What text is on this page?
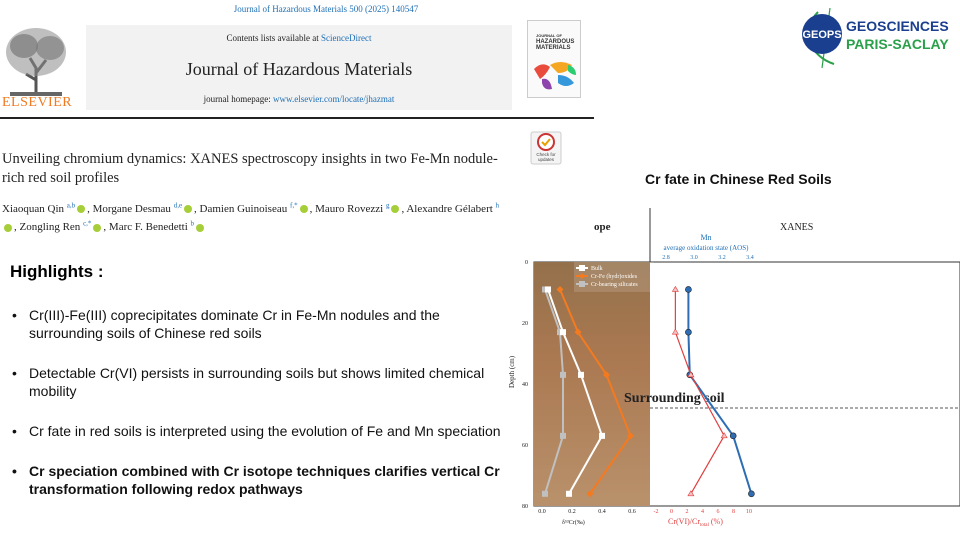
Journal of Hazardous Materials 500 (2025) 140547
ELSEVIER
Contents lists available at ScienceDirect
Journal of Hazardous Materials
journal homepage: www.elsevier.com/locate/jhazmat
JOURNAL OF
HAZARDOUS
MATERIALS
Check for
updates
Unveiling chromium dynamics: XANES spectroscopy insights in two Fe-Mn nodule-rich red soil profiles
Xiaoquan Qin $^{a,b}$ , Morgane Desmau $^{d,e}$ , Damien Guinoiseau $^{f,*}$ , Mauro Rovezzi $^g$ , Alexandre Gélabert $^h$, Zongling Ren $^{c,*}$ , Marc F. Benedetti $^b$
GEOPS
GEOSCIENCES
PARIS-SACLAY
Highlights :
• Cr(III)-Fe(III) coprecipitates dominate Cr in Fe-Mn nodules and the surrounding soils of Chinese red soils
• Detectable Cr(VI) persists in surrounding soils but shows limited chemical mobility
• Cr fate in red soils is interpreted using the evolution of Fe and Mn speciation
• Cr speciation combined with Cr isotope techniques clarifies vertical Cr transformation following redox pathways
Cr fate in Chinese Red Soils
ope	XANES
Mn
average oxidation state (AOS)
2.8	3.0	3.2	3.4
Surrounding soil
Depth (cm)
0
20
40
60
80
Bulk
Cr-Fe (hydr)oxides
Cr-bearing silicates
0.0	0.2	0.4	0.6
δ⁵³Cr(‰)
-2 0 2 4 6 8 10
$Cr(VI)/Cr_{total}$ (%)
